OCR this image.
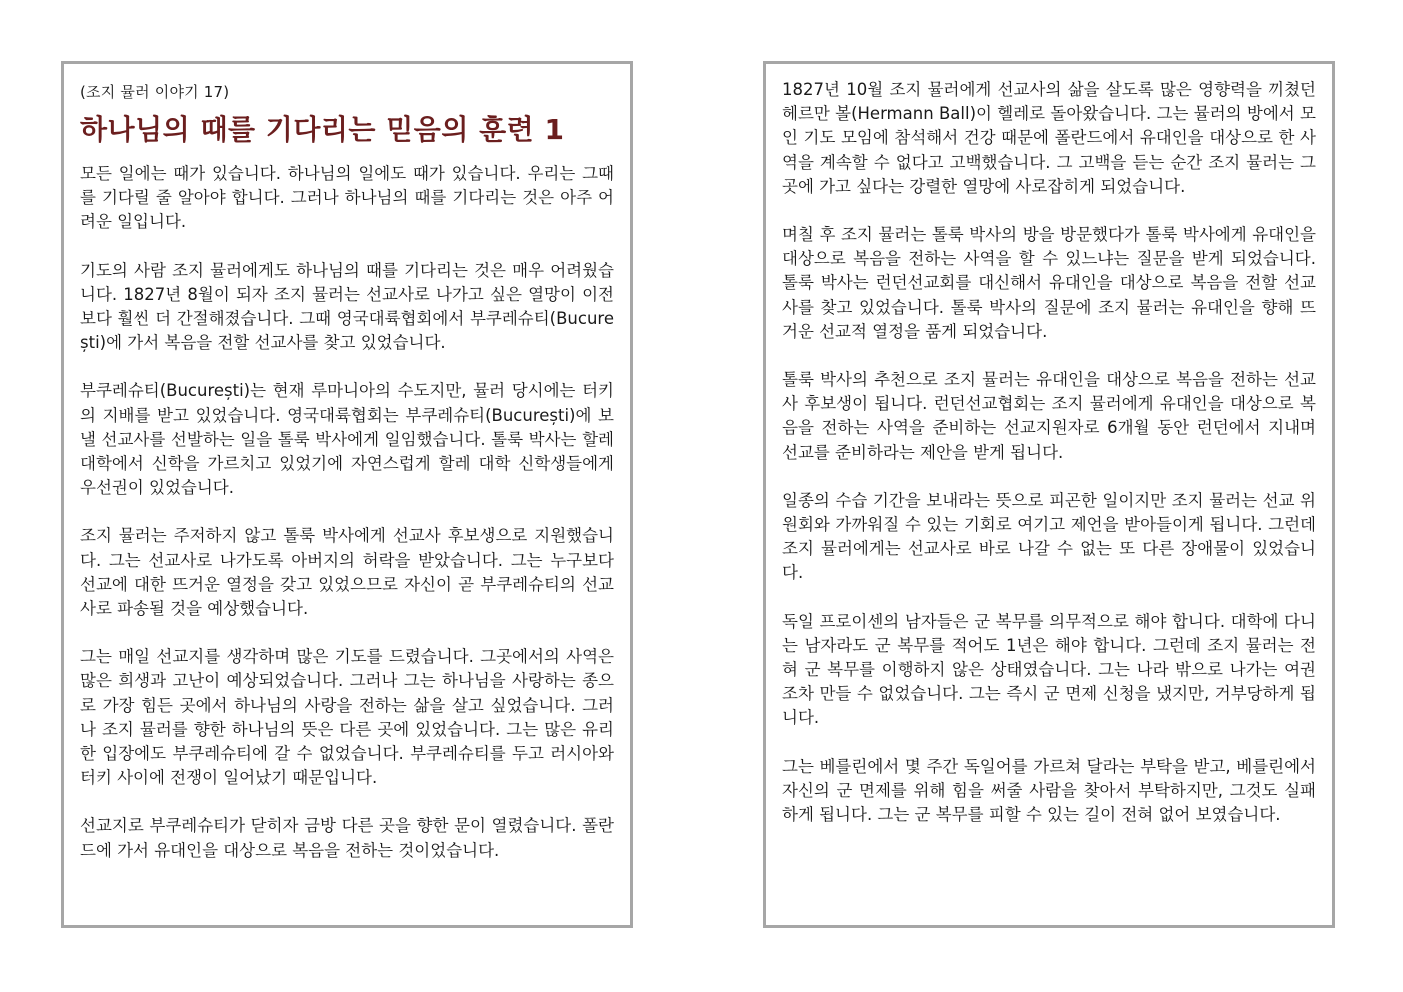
(조지 뮬러 이야기 17)
하나님의 때를 기다리는 믿음의 훈련 1

모든 일에는 때가 있습니다. 하나님의 일에도 때가 있습니다. 우리는 그때를 기다릴 줄 알아야 합니다. 그러나 하나님의 때를 기다리는 것은 아주 어려운 일입니다.

기도의 사람 조지 뮬러에게도 하나님의 때를 기다리는 것은 매우 어려웠습니다. 1827년 8월이 되자 조지 뮬러는 선교사로 나가고 싶은 열망이 이전보다 훨씬 더 간절해졌습니다. 그때 영국대륙협회에서 부쿠레슈티(București)에 가서 복음을 전할 선교사를 찾고 있었습니다.

부쿠레슈티(București)는 현재 루마니아의 수도지만, 뮬러 당시에는 터키의 지배를 받고 있었습니다. 영국대륙협회는 부쿠레슈티(București)에 보낼 선교사를 선발하는 일을 톨룩 박사에게 일임했습니다. 톨룩 박사는 할레 대학에서 신학을 가르치고 있었기에 자연스럽게 할레 대학 신학생들에게 우선권이 있었습니다.

조지 뮬러는 주저하지 않고 톨룩 박사에게 선교사 후보생으로 지원했습니다. 그는 선교사로 나가도록 아버지의 허락을 받았습니다. 그는 누구보다 선교에 대한 뜨거운 열정을 갖고 있었으므로 자신이 곧 부쿠레슈티의 선교사로 파송될 것을 예상했습니다.

그는 매일 선교지를 생각하며 많은 기도를 드렸습니다. 그곳에서의 사역은 많은 희생과 고난이 예상되었습니다. 그러나 그는 하나님을 사랑하는 종으로 가장 힘든 곳에서 하나님의 사랑을 전하는 삶을 살고 싶었습니다. 그러나 조지 뮬러를 향한 하나님의 뜻은 다른 곳에 있었습니다. 그는 많은 유리한 입장에도 부쿠레슈티에 갈 수 없었습니다. 부쿠레슈티를 두고 러시아와 터키 사이에 전쟁이 일어났기 때문입니다.

선교지로 부쿠레슈티가 닫히자 금방 다른 곳을 향한 문이 열렸습니다. 폴란드에 가서 유대인을 대상으로 복음을 전하는 것이었습니다.

1827년 10월 조지 뮬러에게 선교사의 삶을 살도록 많은 영향력을 끼쳤던 헤르만 볼(Hermann Ball)이 헬레로 돌아왔습니다. 그는 뮬러의 방에서 모인 기도 모임에 참석해서 건강 때문에 폴란드에서 유대인을 대상으로 한 사역을 계속할 수 없다고 고백했습니다. 그 고백을 듣는 순간 조지 뮬러는 그곳에 가고 싶다는 강렬한 열망에 사로잡히게 되었습니다.

며칠 후 조지 뮬러는 톨룩 박사의 방을 방문했다가 톨룩 박사에게 유대인을 대상으로 복음을 전하는 사역을 할 수 있느냐는 질문을 받게 되었습니다. 톨룩 박사는 런던선교회를 대신해서 유대인을 대상으로 복음을 전할 선교사를 찾고 있었습니다. 톨룩 박사의 질문에 조지 뮬러는 유대인을 향해 뜨거운 선교적 열정을 품게 되었습니다.

톨룩 박사의 추천으로 조지 뮬러는 유대인을 대상으로 복음을 전하는 선교사 후보생이 됩니다. 런던선교협회는 조지 뮬러에게 유대인을 대상으로 복음을 전하는 사역을 준비하는 선교지원자로 6개월 동안 런던에서 지내며 선교를 준비하라는 제안을 받게 됩니다.

일종의 수습 기간을 보내라는 뜻으로 피곤한 일이지만 조지 뮬러는 선교 위원회와 가까워질 수 있는 기회로 여기고 제언을 받아들이게 됩니다. 그런데 조지 뮬러에게는 선교사로 바로 나갈 수 없는 또 다른 장애물이 있었습니다.

독일 프로이센의 남자들은 군 복무를 의무적으로 해야 합니다. 대학에 다니는 남자라도 군 복무를 적어도 1년은 해야 합니다. 그런데 조지 뮬러는 전혀 군 복무를 이행하지 않은 상태였습니다. 그는 나라 밖으로 나가는 여권조차 만들 수 없었습니다. 그는 즉시 군 면제 신청을 냈지만, 거부당하게 됩니다.

그는 베를린에서 몇 주간 독일어를 가르쳐 달라는 부탁을 받고, 베를린에서 자신의 군 면제를 위해 힘을 써줄 사람을 찾아서 부탁하지만, 그것도 실패하게 됩니다. 그는 군 복무를 피할 수 있는 길이 전혀 없어 보였습니다.
